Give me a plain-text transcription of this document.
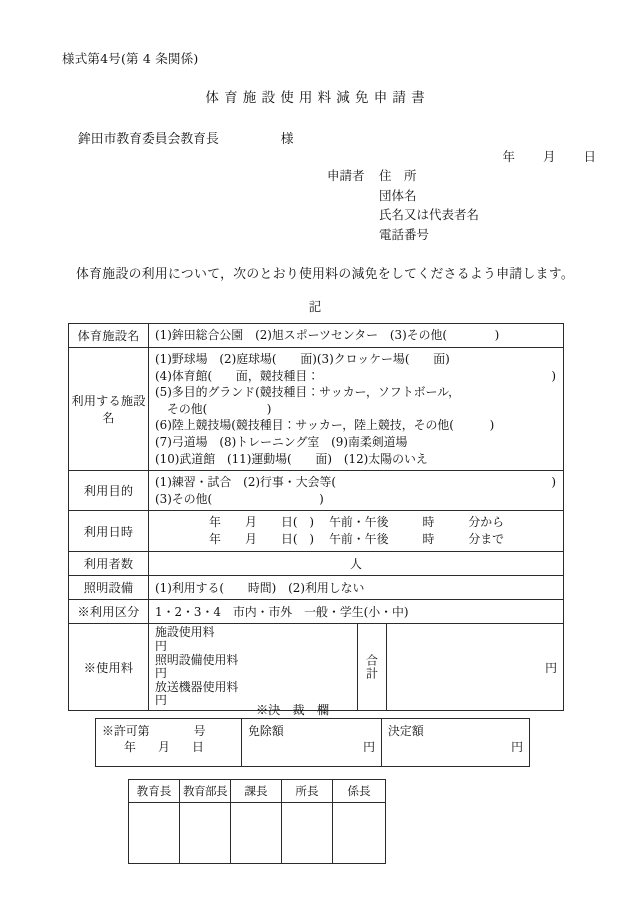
様式第4号(第 4 条関係)
体育施設使用料減免申請書
鉾田市教育委員会教育長	様
年 月 日
申請者 住　所
団体名
氏名又は代表者名
電話番号
体育施設の利用について，次のとおり使用料の減免をしてくださるよう申請します。
記
体育施設名	(1)鉾田総合公園　(2)旭スポーツセンター　(3)その他(　　　　)

利用する施設名	
(1)野球場　(2)庭球場(　　面)(3)クロッケー場(　　面)
(4)体育館(　　面，競技種目：	)
(5)多目的グランド(競技種目：サッカー，ソフトボール，
その他(　　　　　)
(6)陸上競技場(競技種目：サッカー，陸上競技，その他(　　　)
(7)弓道場　(8)トレーニング室　(9)南柔剣道場
(10)武道館　(11)運動場(　　面)　(12)太陽のいえ

利用目的	(1)練習・試合　(2)行事・大会等( )
(3)その他(　　　　　　　　　)

利用日時	年 月 日(　) 午前・午後 時 分から
年 月 日(　) 午前・午後 時 分まで

利用者数	人

照明設備	(1)利用する(　　時間)　(2)利用しない

※利用区分	1・2・3・4　市内・市外　一般・学生(小・中)

※使用料	
施設使用料
円
照明設備使用料
円
放送機器使用料
円
合計	円
※決　裁　欄
※許可第	号
年 月 日

免除額
円

決定額
円
教育長	教育部長	課長	所長	係長
